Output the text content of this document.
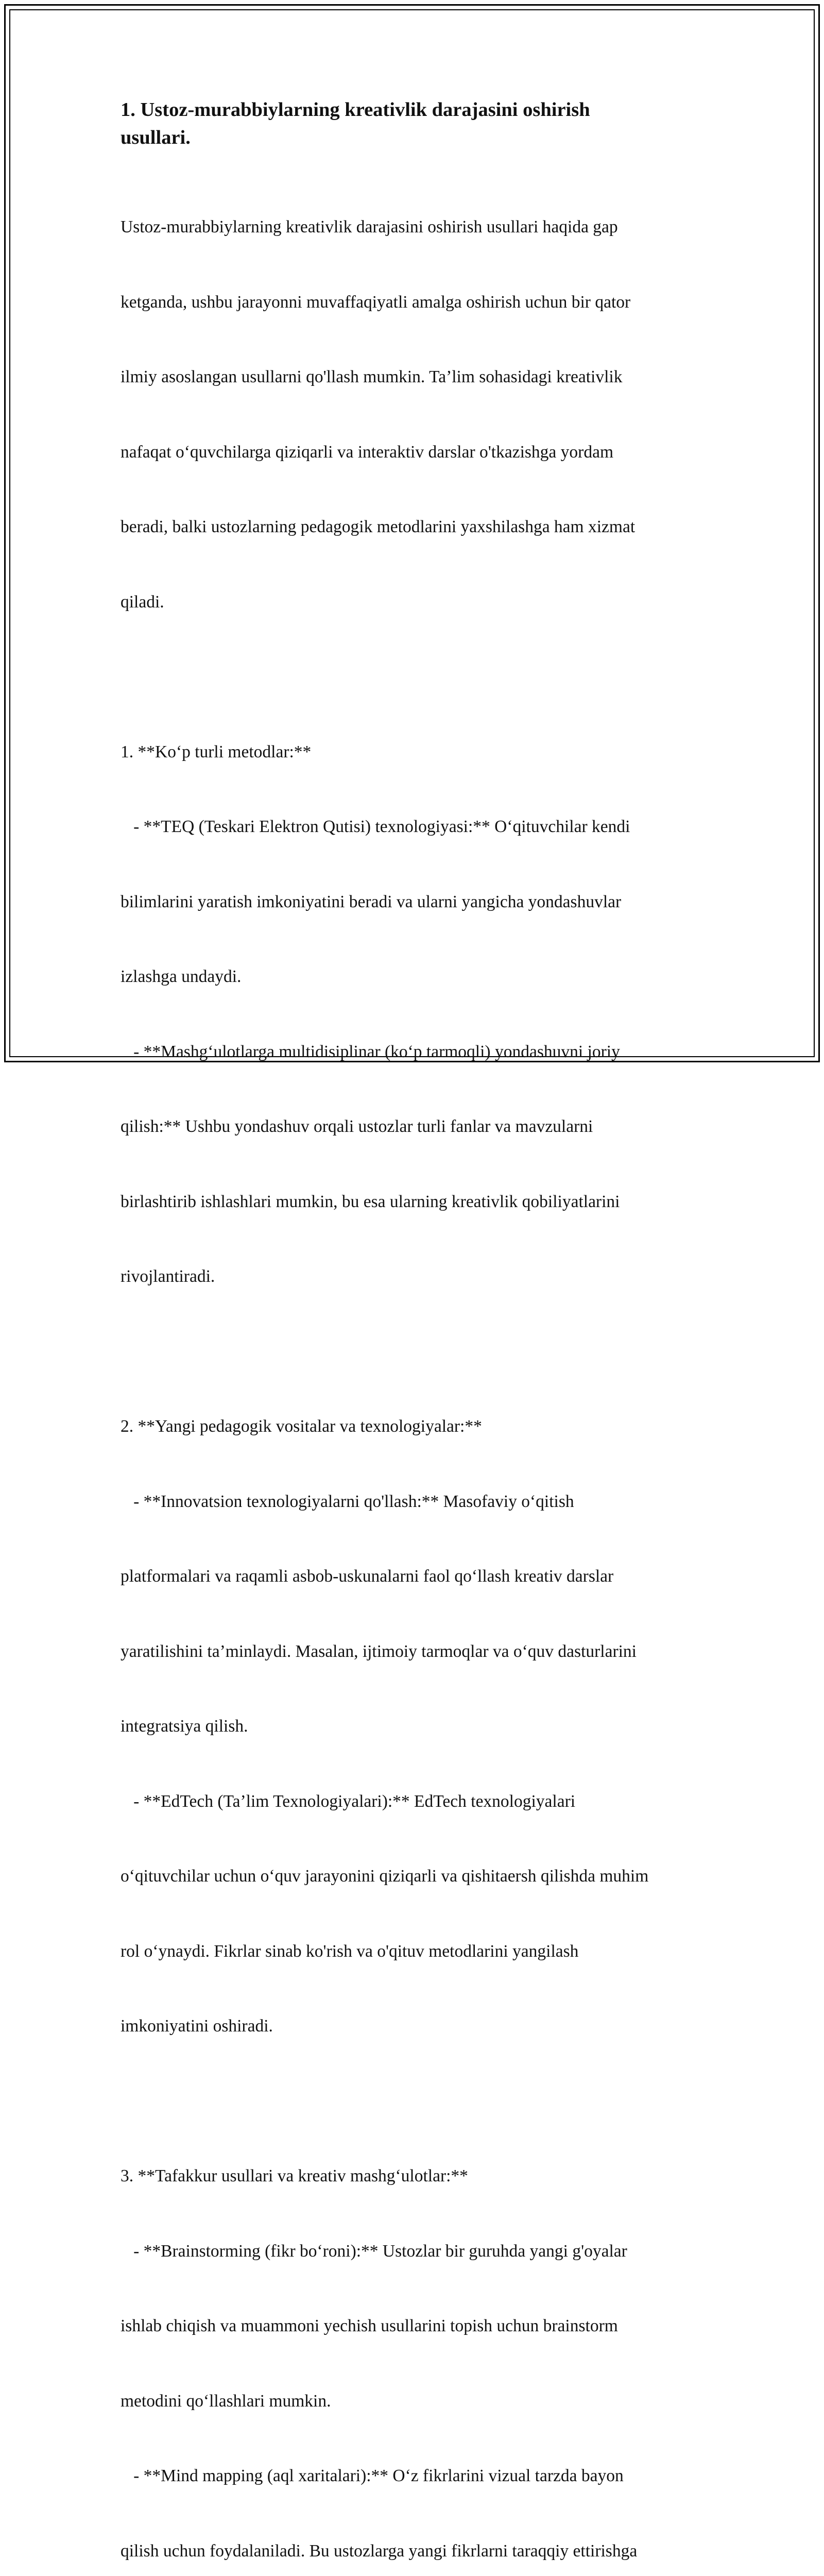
1. Ustoz-murabbiylarning kreativlik darajasini oshirish
usullari.

Ustoz-murabbiylarning kreativlik darajasini oshirish usullari haqida gap

ketganda, ushbu jarayonni muvaffaqiyatli amalga oshirish uchun bir qator

ilmiy asoslangan usullarni qo'llash mumkin. Ta’lim sohasidagi kreativlik

nafaqat o‘quvchilarga qiziqarli va interaktiv darslar o'tkazishga yordam

beradi, balki ustozlarning pedagogik metodlarini yaxshilashga ham xizmat

qiladi.

1. **Ko‘p turli metodlar:**

- **TEQ (Teskari Elektron Qutisi) texnologiyasi:** O‘qituvchilar kendi

bilimlarini yaratish imkoniyatini beradi va ularni yangicha yondashuvlar

izlashga undaydi.

- **Mashg‘ulotlarga multidisiplinar (ko‘p tarmoqli) yondashuvni joriy

qilish:** Ushbu yondashuv orqali ustozlar turli fanlar va mavzularni

birlashtirib ishlashlari mumkin, bu esa ularning kreativlik qobiliyatlarini

rivojlantiradi.

2. **Yangi pedagogik vositalar va texnologiyalar:**

- **Innovatsion texnologiyalarni qo'llash:** Masofaviy o‘qitish

platformalari va raqamli asbob-uskunalarni faol qo‘llash kreativ darslar

yaratilishini ta’minlaydi. Masalan, ijtimoiy tarmoqlar va o‘quv dasturlarini

integratsiya qilish.

- **EdTech (Ta’lim Texnologiyalari):** EdTech texnologiyalari

o‘qituvchilar uchun o‘quv jarayonini qiziqarli va qishitaersh qilishda muhim

rol o‘ynaydi. Fikrlar sinab ko'rish va o'qituv metodlarini yangilash

imkoniyatini oshiradi.

3. **Tafakkur usullari va kreativ mashg‘ulotlar:**

- **Brainstorming (fikr bo‘roni):** Ustozlar bir guruhda yangi g'oyalar

ishlab chiqish va muammoni yechish usullarini topish uchun brainstorm

metodini qo‘llashlari mumkin.

- **Mind mapping (aql xaritalari):** O‘z fikrlarini vizual tarzda bayon

qilish uchun foydalaniladi. Bu ustozlarga yangi fikrlarni taraqqiy ettirishga
